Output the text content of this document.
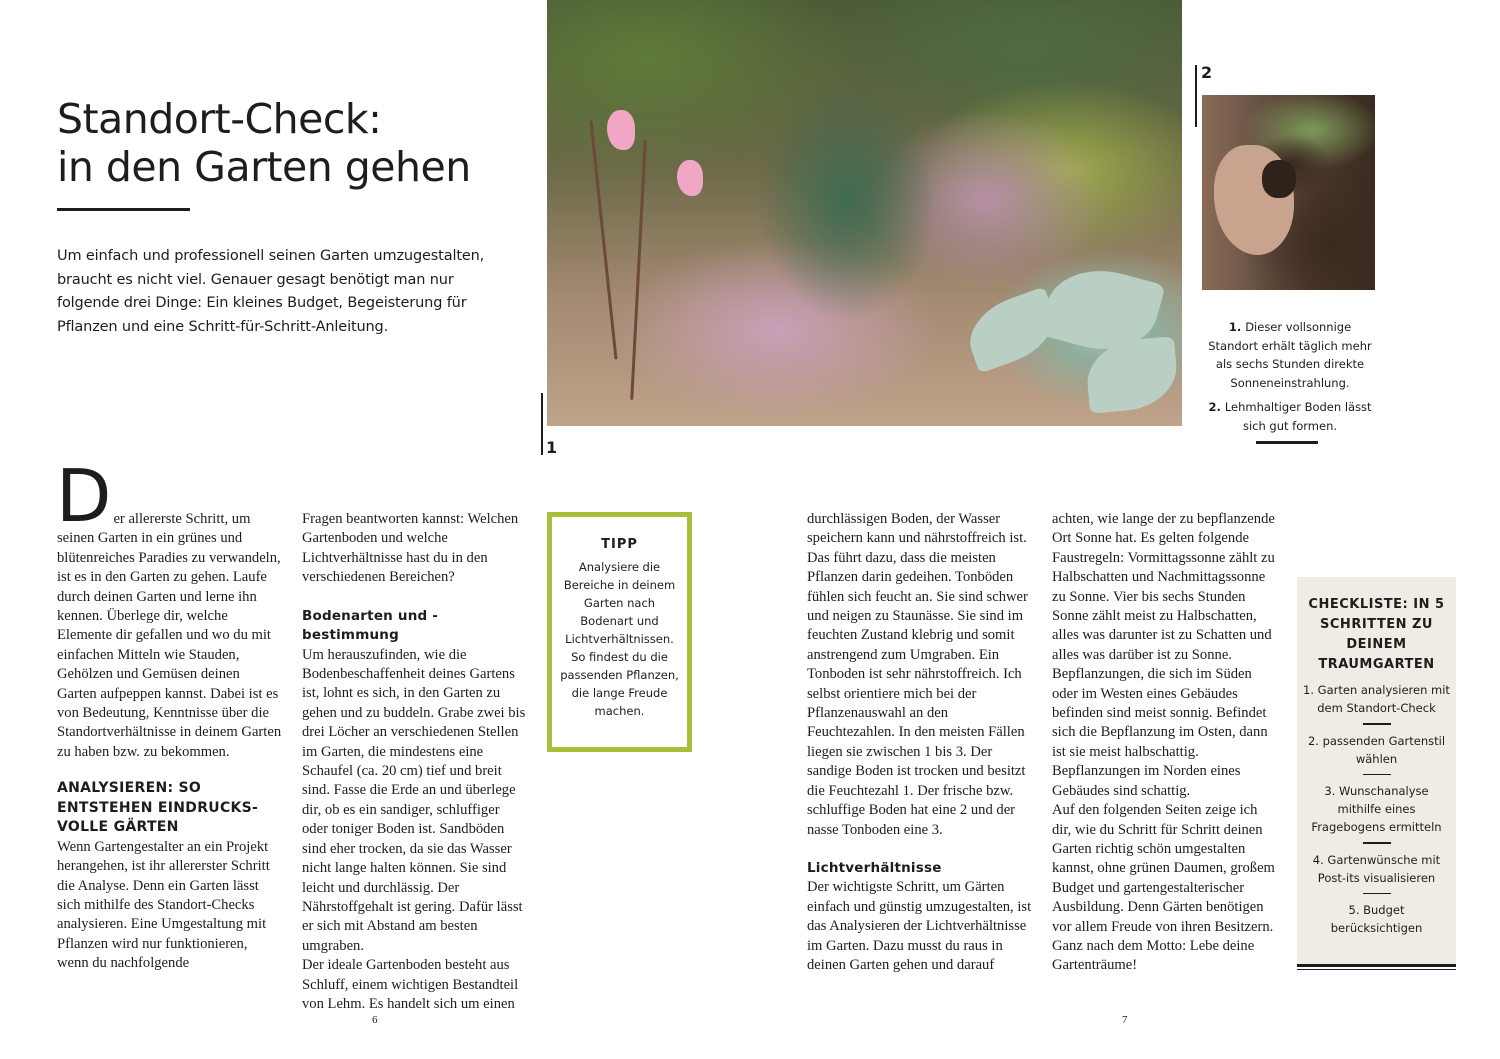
Standort-Check:
in den Garten gehen

Um einfach und professionell seinen Garten umzugestalten, braucht es nicht viel. Genauer gesagt benötigt man nur folgende drei Dinge: Ein kleines Budget, Begeisterung für Pflanzen und eine Schritt-für-Schritt-Anleitung.

1
2
1. Dieser vollsonnige Standort erhält täglich mehr als sechs Stunden direkte Sonneneinstrahlung.
2. Lehmhaltiger Boden lässt sich gut formen.

Der allererste Schritt, um seinen Garten in ein grünes und blütenreiches Paradies zu verwandeln, ist es in den Garten zu gehen. Laufe durch deinen Garten und lerne ihn kennen. Überlege dir, welche Elemente dir gefallen und wo du mit einfachen Mitteln wie Stauden, Gehölzen und Gemüsen deinen Garten aufpeppen kannst. Dabei ist es von Bedeutung, Kenntnisse über die Standortverhältnisse in deinem Garten zu haben bzw. zu bekommen.

ANALYSIEREN: SO ENTSTEHEN EINDRUCKS-VOLLE GÄRTEN

Wenn Gartengestalter an ein Projekt herangehen, ist ihr allererster Schritt die Analyse. Denn ein Garten lässt sich mithilfe des Standort-Checks analysieren. Eine Umgestaltung mit Pflanzen wird nur funktionieren, wenn du nachfolgende

Fragen beantworten kannst: Welchen Gartenboden und welche Lichtverhältnisse hast du in den verschiedenen Bereichen?

Bodenarten und -bestimmung

Um herauszufinden, wie die Bodenbeschaffenheit deines Gartens ist, lohnt es sich, in den Garten zu gehen und zu buddeln. Grabe zwei bis drei Löcher an verschiedenen Stellen im Garten, die mindestens eine Schaufel (ca. 20 cm) tief und breit sind. Fasse die Erde an und überlege dir, ob es ein sandiger, schluffiger oder toniger Boden ist. Sandböden sind eher trocken, da sie das Wasser nicht lange halten können. Sie sind leicht und durchlässig. Der Nährstoffgehalt ist gering. Dafür lässt er sich mit Abstand am besten umgraben.

Der ideale Gartenboden besteht aus Schluff, einem wichtigen Bestandteil von Lehm. Es handelt sich um einen

TIPP
Analysiere die Bereiche in deinem Garten nach Bodenart und Lichtverhältnissen. So findest du die passenden Pflanzen, die lange Freude machen.

durchlässigen Boden, der Wasser speichern kann und nährstoffreich ist. Das führt dazu, dass die meisten Pflanzen darin gedeihen. Tonböden fühlen sich feucht an. Sie sind schwer und neigen zu Staunässe. Sie sind im feuchten Zustand klebrig und somit anstrengend zum Umgraben. Ein Tonboden ist sehr nährstoffreich. Ich selbst orientiere mich bei der Pflanzenauswahl an den Feuchtezahlen. In den meisten Fällen liegen sie zwischen 1 bis 3. Der sandige Boden ist trocken und besitzt die Feuchtezahl 1. Der frische bzw. schluffige Boden hat eine 2 und der nasse Tonboden eine 3.

Lichtverhältnisse

Der wichtigste Schritt, um Gärten einfach und günstig umzugestalten, ist das Analysieren der Lichtverhältnisse im Garten. Dazu musst du raus in deinen Garten gehen und darauf

achten, wie lange der zu bepflanzende Ort Sonne hat. Es gelten folgende Faustregeln: Vormittagssonne zählt zu Halbschatten und Nachmittagssonne zu Sonne. Vier bis sechs Stunden Sonne zählt meist zu Halbschatten, alles was darunter ist zu Schatten und alles was darüber ist zu Sonne. Bepflanzungen, die sich im Süden oder im Westen eines Gebäudes befinden sind meist sonnig. Befindet sich die Bepflanzung im Osten, dann ist sie meist halbschattig. Bepflanzungen im Norden eines Gebäudes sind schattig.

Auf den folgenden Seiten zeige ich dir, wie du Schritt für Schritt deinen Garten richtig schön umgestalten kannst, ohne grünen Daumen, großem Budget und gartengestalterischer Ausbildung. Denn Gärten benötigen vor allem Freude von ihren Besitzern. Ganz nach dem Motto: Lebe deine Gartenträume!

CHECKLISTE: IN 5 SCHRITTEN ZU DEINEM TRAUMGARTEN
1. Garten analysieren mit dem Standort-Check
2. passenden Gartenstil wählen
3. Wunschanalyse mithilfe eines Fragebogens ermitteln
4. Gartenwünsche mit Post-its visualisieren
5. Budget berücksichtigen
6	7
